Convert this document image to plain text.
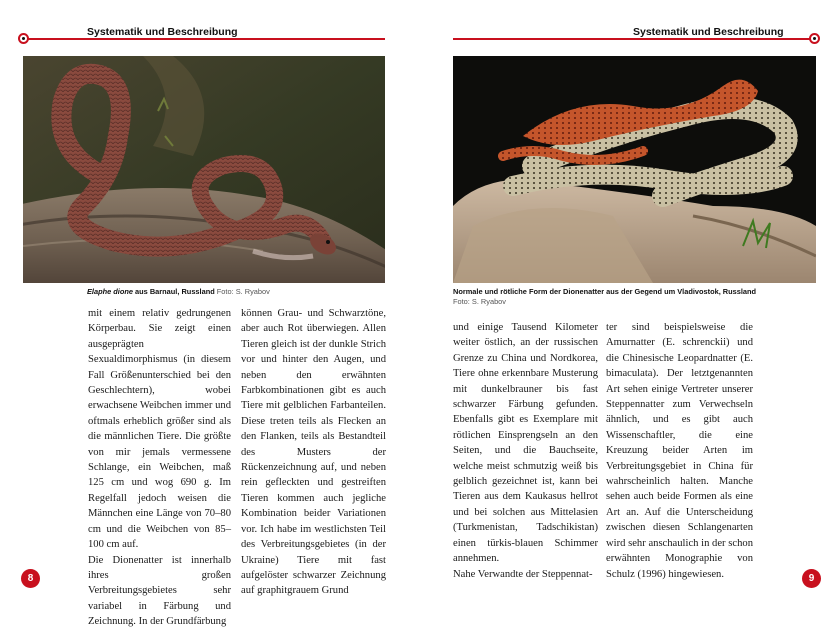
Systematik und Beschreibung
Elaphe dione aus Barnaul, Russland Foto: S. Ryabov

mit einem relativ gedrungenen Körperbau. Sie zeigt einen ausgeprägten Sexualdimorphismus (in diesem Fall Größenunterschied bei den Geschlechtern), wobei erwachsene Weibchen immer und oftmals erheblich größer sind als die männlichen Tiere. Die größte von mir jemals vermessene Schlange, ein Weibchen, maß 125 cm und wog 690 g. Im Regelfall jedoch weisen die Männchen eine Länge von 70–80 cm und die Weibchen von 85–100 cm auf.

Die Dionenatter ist innerhalb ihres großen Verbreitungsgebietes sehr variabel in Färbung und Zeichnung. In der Grundfärbung

können Grau- und Schwarztöne, aber auch Rot überwiegen. Allen Tieren gleich ist der dunkle Strich vor und hinter den Augen, und neben den erwähnten Farbkombinationen gibt es auch Tiere mit gelblichen Farbanteilen. Diese treten teils als Flecken an den Flanken, teils als Bestandteil des Musters der Rückenzeichnung auf, und neben rein gefleckten und gestreiften Tieren kommen auch jegliche Kombination beider Variationen vor. Ich habe im westlichsten Teil des Verbreitungsgebietes (in der Ukraine) Tiere mit fast aufgelöster schwarzer Zeichnung auf graphitgrauem Grund

8
Systematik und Beschreibung
Normale und rötliche Form der Dionenatter aus der Gegend um Vladivostok, Russland
Foto: S. Ryabov

und einige Tausend Kilometer weiter östlich, an der russischen Grenze zu China und Nordkorea, Tiere ohne erkennbare Musterung mit dunkelbrauner bis fast schwarzer Färbung gefunden. Ebenfalls gibt es Exemplare mit rötlichen Einsprengseln an den Seiten, und die Bauchseite, welche meist schmutzig weiß bis gelblich gezeichnet ist, kann bei Tieren aus dem Kaukasus hellrot und bei solchen aus Mittelasien (Turkmenistan, Tadschikistan) einen türkis-blauen Schimmer annehmen.

Nahe Verwandte der Steppennat-

ter sind beispielsweise die Amurnatter (E. schrenckii) und die Chinesische Leopardnatter (E. bimaculata). Der letztgenannten Art sehen einige Vertreter unserer Steppennatter zum Verwechseln ähnlich, und es gibt auch Wissenschaftler, die eine Kreuzung beider Arten im Verbreitungsgebiet in China für wahrscheinlich halten. Manche sehen auch beide Formen als eine Art an. Auf die Unterscheidung zwischen diesen Schlangenarten wird sehr anschaulich in der schon erwähnten Monographie von Schulz (1996) hingewiesen.	9
